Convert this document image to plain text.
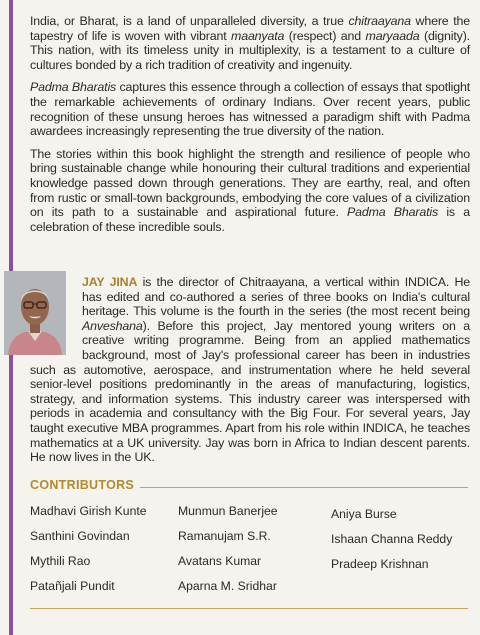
India, or Bharat, is a land of unparalleled diversity, a true chitraayana where the tapestry of life is woven with vibrant maanyata (respect) and maryaada (dignity). This nation, with its timeless unity in multiplexity, is a testament to a culture of cultures bonded by a rich tradition of creativity and ingenuity.

Padma Bharatis captures this essence through a collection of essays that spotlight the remarkable achievements of ordinary Indians. Over recent years, public recognition of these unsung heroes has witnessed a paradigm shift with Padma awardees increasingly representing the true diversity of the nation.

The stories within this book highlight the strength and resilience of people who bring sustainable change while honouring their cultural traditions and experiential knowledge passed down through generations. They are earthy, real, and often from rustic or small-town backgrounds, embodying the core values of a civilization on its path to a sustainable and aspirational future. Padma Bharatis is a celebration of these incredible souls.

JAY JINA is the director of Chitraayana, a vertical within INDICA. He has edited and co-authored a series of three books on India's cultural heritage. This volume is the fourth in the series (the most recent being Anveshana). Before this project, Jay mentored young writers on a creative writing programme. Being from an applied mathematics background, most of Jay's professional career has been in industries such as automotive, aerospace, and instrumentation where he held several senior-level positions predominantly in the areas of manufacturing, logistics, strategy, and information systems. This industry career was interspersed with periods in academia and consultancy with the Big Four. For several years, Jay taught executive MBA programmes. Apart from his role within INDICA, he teaches mathematics at a UK university. Jay was born in Africa to Indian descent parents. He now lives in the UK.
CONTRIBUTORS
Madhavi Girish Kunte
Santhini Govindan
Mythili Rao
Patañjali Pundit
Munmun Banerjee
Ramanujam S.R.
Avatans Kumar
Aparna M. Sridhar
Aniya Burse
Ishaan Channa Reddy
Pradeep Krishnan
